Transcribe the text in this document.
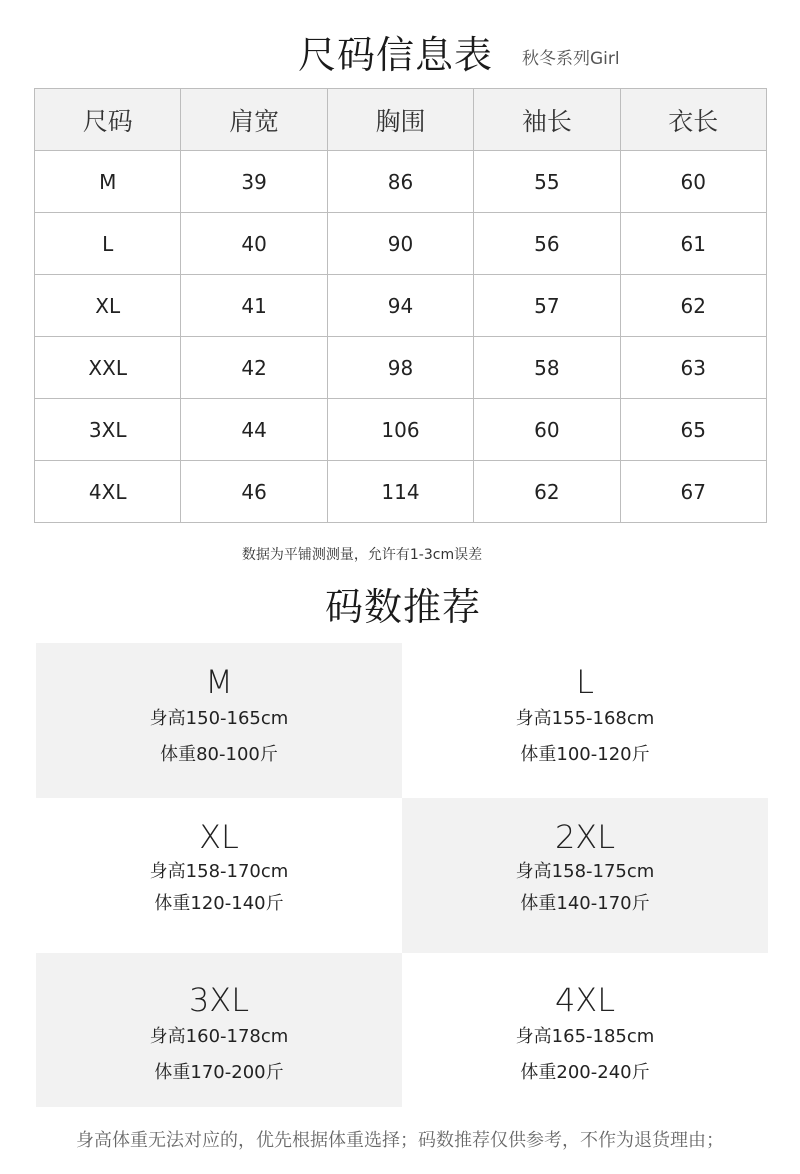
尺码信息表 秋冬系列Girl
尺码	肩宽	胸围	袖长	衣长
M	39	86	55	60
L	40	90	56	61
XL	41	94	57	62
XXL	42	98	58	63
3XL	44	106	60	65
4XL	46	114	62	67
数据为平铺测测量，允许有1-3cm误差
码数推荐
M
身高150-165cm
体重80-100斤
L
身高155-168cm
体重100-120斤
XL
身高158-170cm
体重120-140斤
2XL
身高158-175cm
体重140-170斤
3XL
身高160-178cm
体重170-200斤
4XL
身高165-185cm
体重200-240斤
身高体重无法对应的，优先根据体重选择；码数推荐仅供参考，不作为退货理由；
